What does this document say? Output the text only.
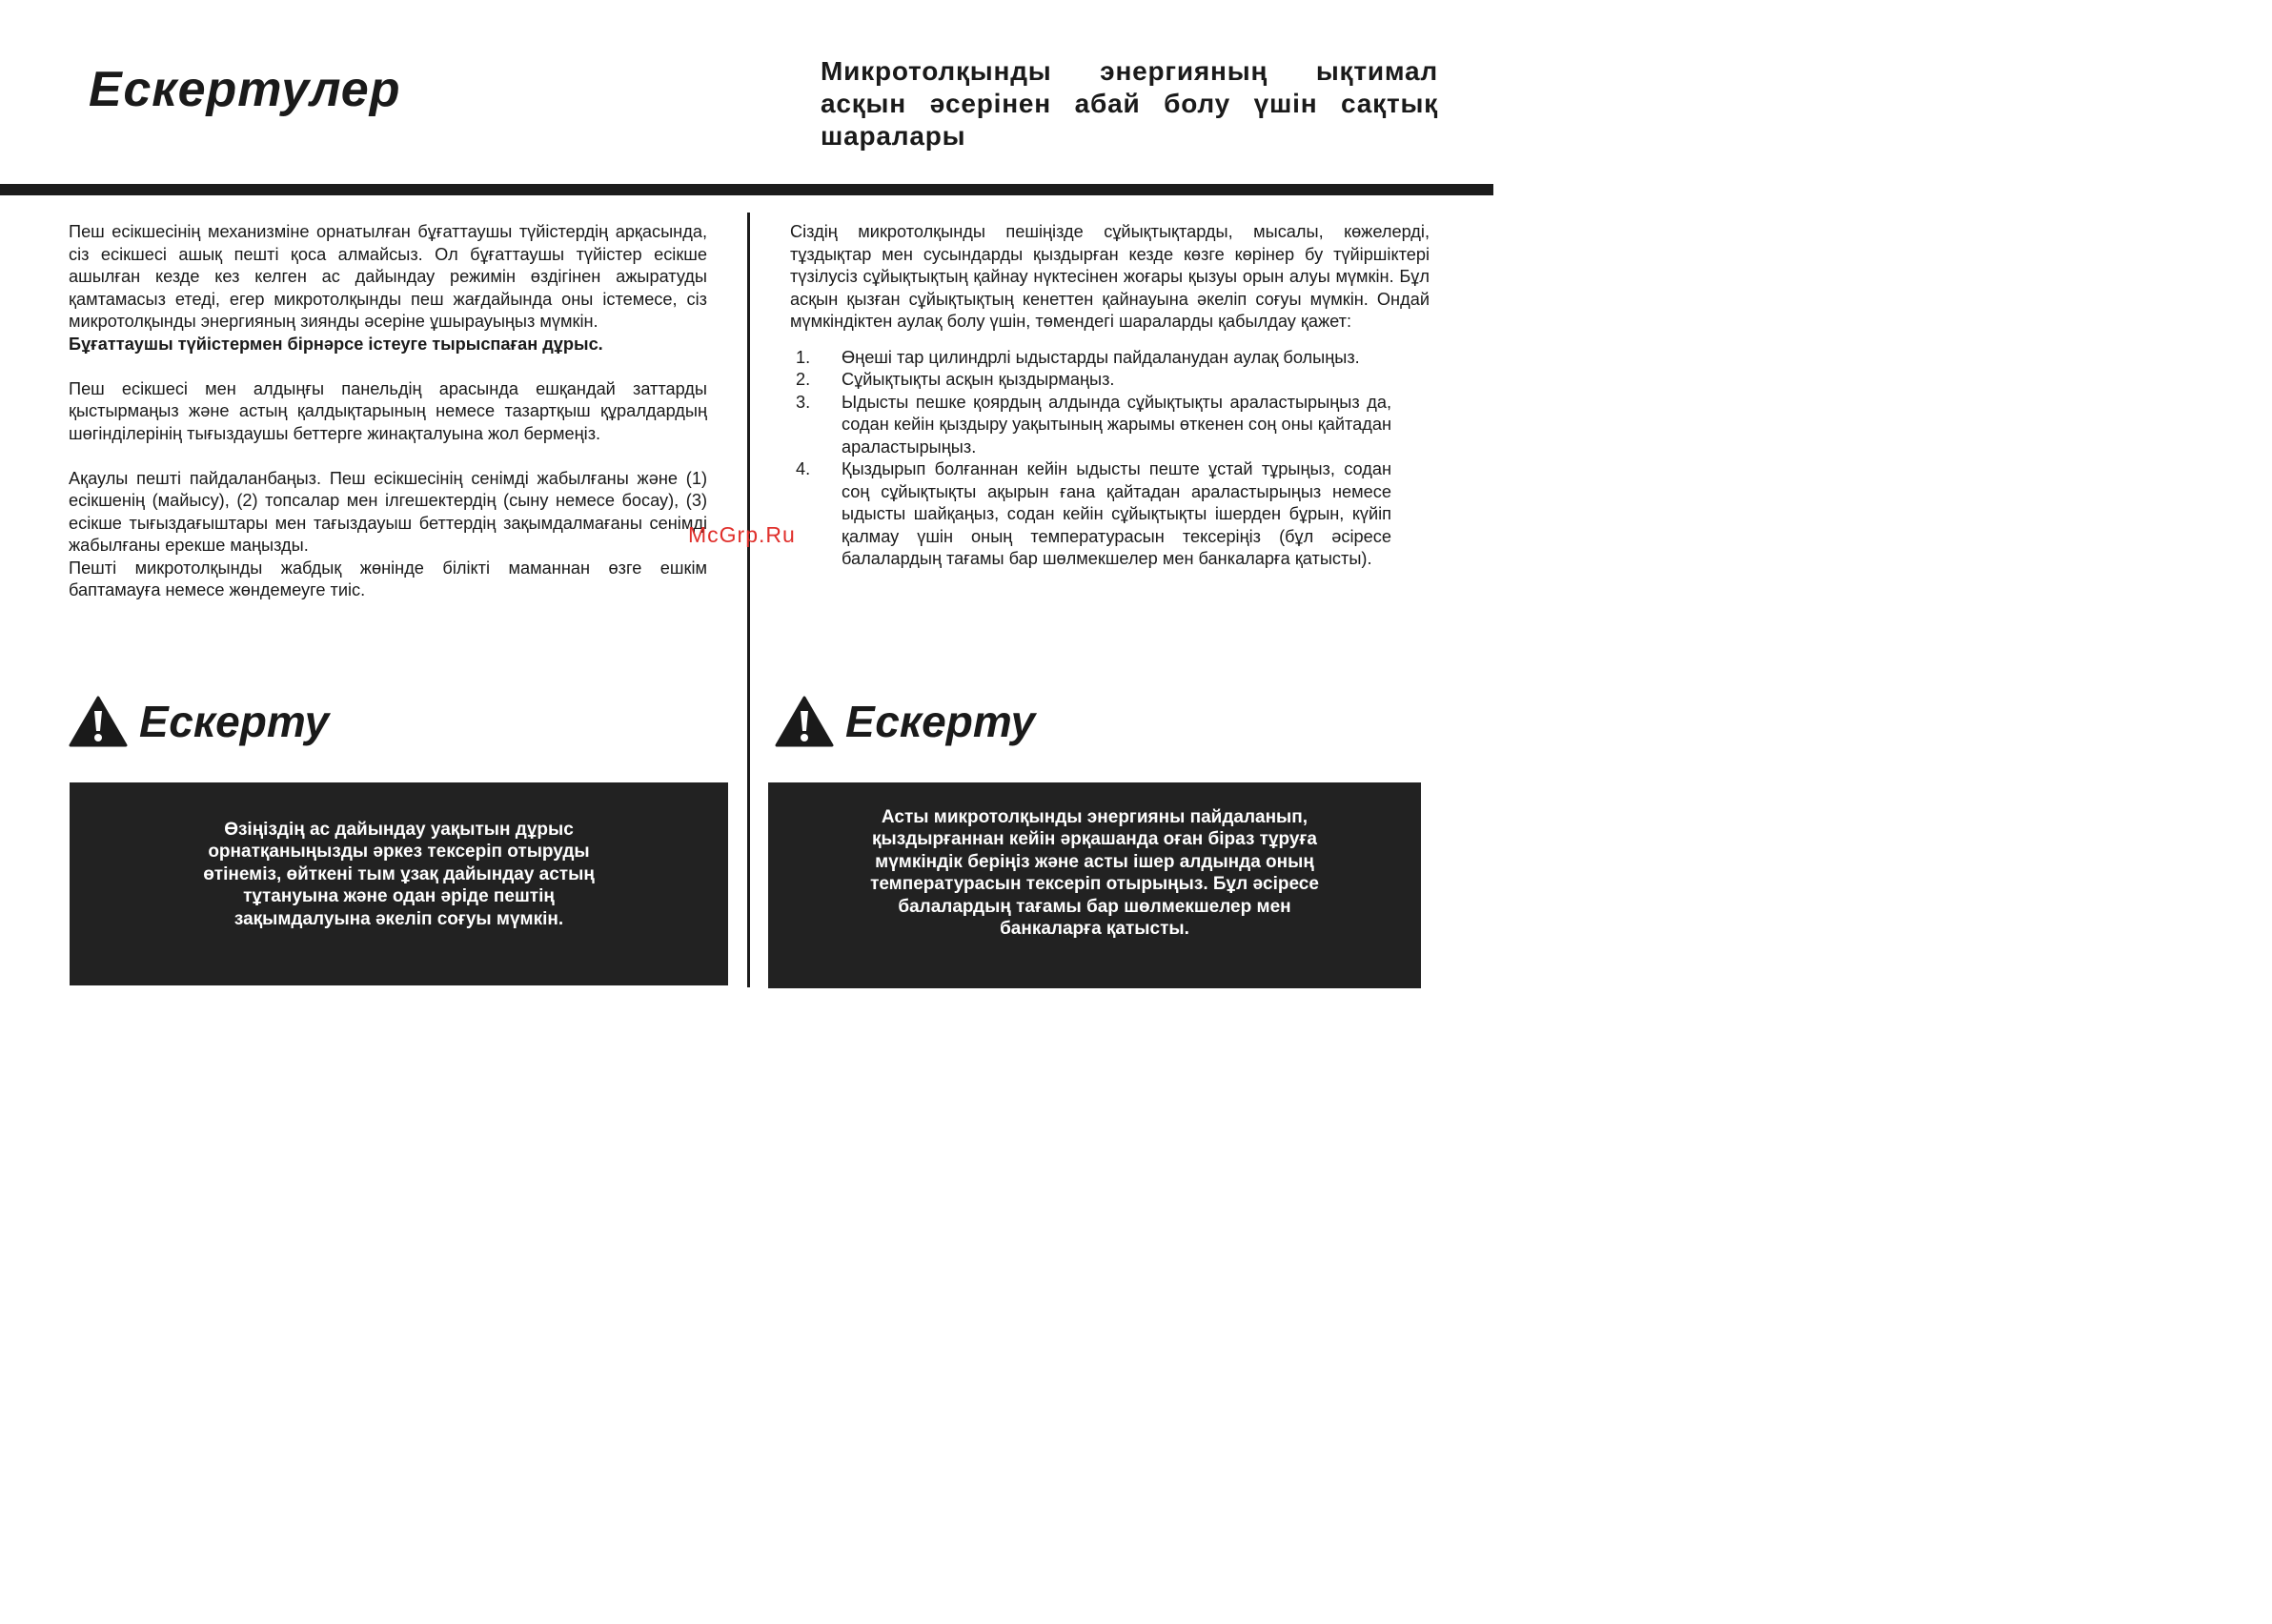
Ескертулер	Микротолқынды энергияның ықтимал асқын әсерінен абай болу үшін сақтық шаралары

Пеш есікшесінің механизміне орнатылған бұғаттаушы түйістердің арқасында, сіз есікшесі ашық пешті қоса алмайсыз. Ол бұғаттаушы түйістер есікше ашылған кезде кез келген ас дайындау режимін өздігінен ажыратуды қамтамасыз етеді, егер микротолқынды пеш жағдайында оны істемесе, сіз микротолқынды энергияның зиянды әсеріне ұшырауыңыз мүмкін.

Бұғаттаушы түйістермен бірнәрсе істеуге тырыспаған дұрыс.

Пеш есікшесі мен алдыңғы панельдің арасында ешқандай заттарды қыстырмаңыз және астың қалдықтарының немесе тазартқыш құралдардың шөгінділерінің тығыздаушы беттерге жинақталуына жол бермеңіз.

Ақаулы пешті пайдаланбаңыз. Пеш есікшесінің сенімді жабылғаны және (1) есікшенің (майысу), (2) топсалар мен ілгешектердің (сыну немесе босау), (3) есікше тығыздағыштары мен тағыздауыш беттердің зақымдалмағаны сенімді жабылғаны ерекше маңызды.

Пешті микротолқынды жабдық жөнінде білікті маманнан өзге ешкім баптамауға немесе жөндемеуге тиіс.

Сіздің микротолқынды пешіңізде сұйықтықтарды, мысалы, көжелерді, тұздықтар мен сусындарды қыздырған кезде көзге көрінер бу түйіршіктері түзілусіз сұйықтықтың қайнау нүктесінен жоғары қызуы орын алуы мүмкін. Бұл асқын қызған сұйықтықтың кенеттен қайнауына әкеліп соғуы мүмкін. Ондай мүмкіндіктен аулақ болу үшін, төмендегі шараларды қабылдау қажет:

1.	Өңеші тар цилиндрлі ыдыстарды пайдаланудан аулақ болыңыз.
2.	Сұйықтықты асқын қыздырмаңыз.
3.	Ыдысты пешке қоярдың алдында сұйықтықты араластырыңыз да, содан кейін қыздыру уақытының жарымы өткенен соң оны қайтадан араластырыңыз.
4.	Қыздырып болғаннан кейін ыдысты пеште ұстай тұрыңыз, содан соң сұйықтықты ақырын ғана қайтадан араластырыңыз немесе ыдысты шайқаңыз, содан кейін сұйықтықты ішерден бұрын, күйіп қалмау үшін оның температурасын тексеріңіз (бұл әсіресе балалардың тағамы бар шөлмекшелер мен банкаларға қатысты).

McGrp.Ru

Ескерту	Ескерту
Өзіңіздің ас дайындау уақытын дұрыс
орнатқаныңызды әркез тексеріп отыруды
өтінеміз, өйткені тым ұзақ дайындау астың
тұтануына және одан әріде пештің
зақымдалуына әкеліп соғуы мүмкін.
Асты микротолқынды энергияны пайдаланып,
қыздырғаннан кейін әрқашанда оған біраз тұруға
мүмкіндік беріңіз және асты ішер алдында оның
температурасын тексеріп отырыңыз. Бұл әсіресе
балалардың тағамы бар шөлмекшелер мен
банкаларға қатысты.
